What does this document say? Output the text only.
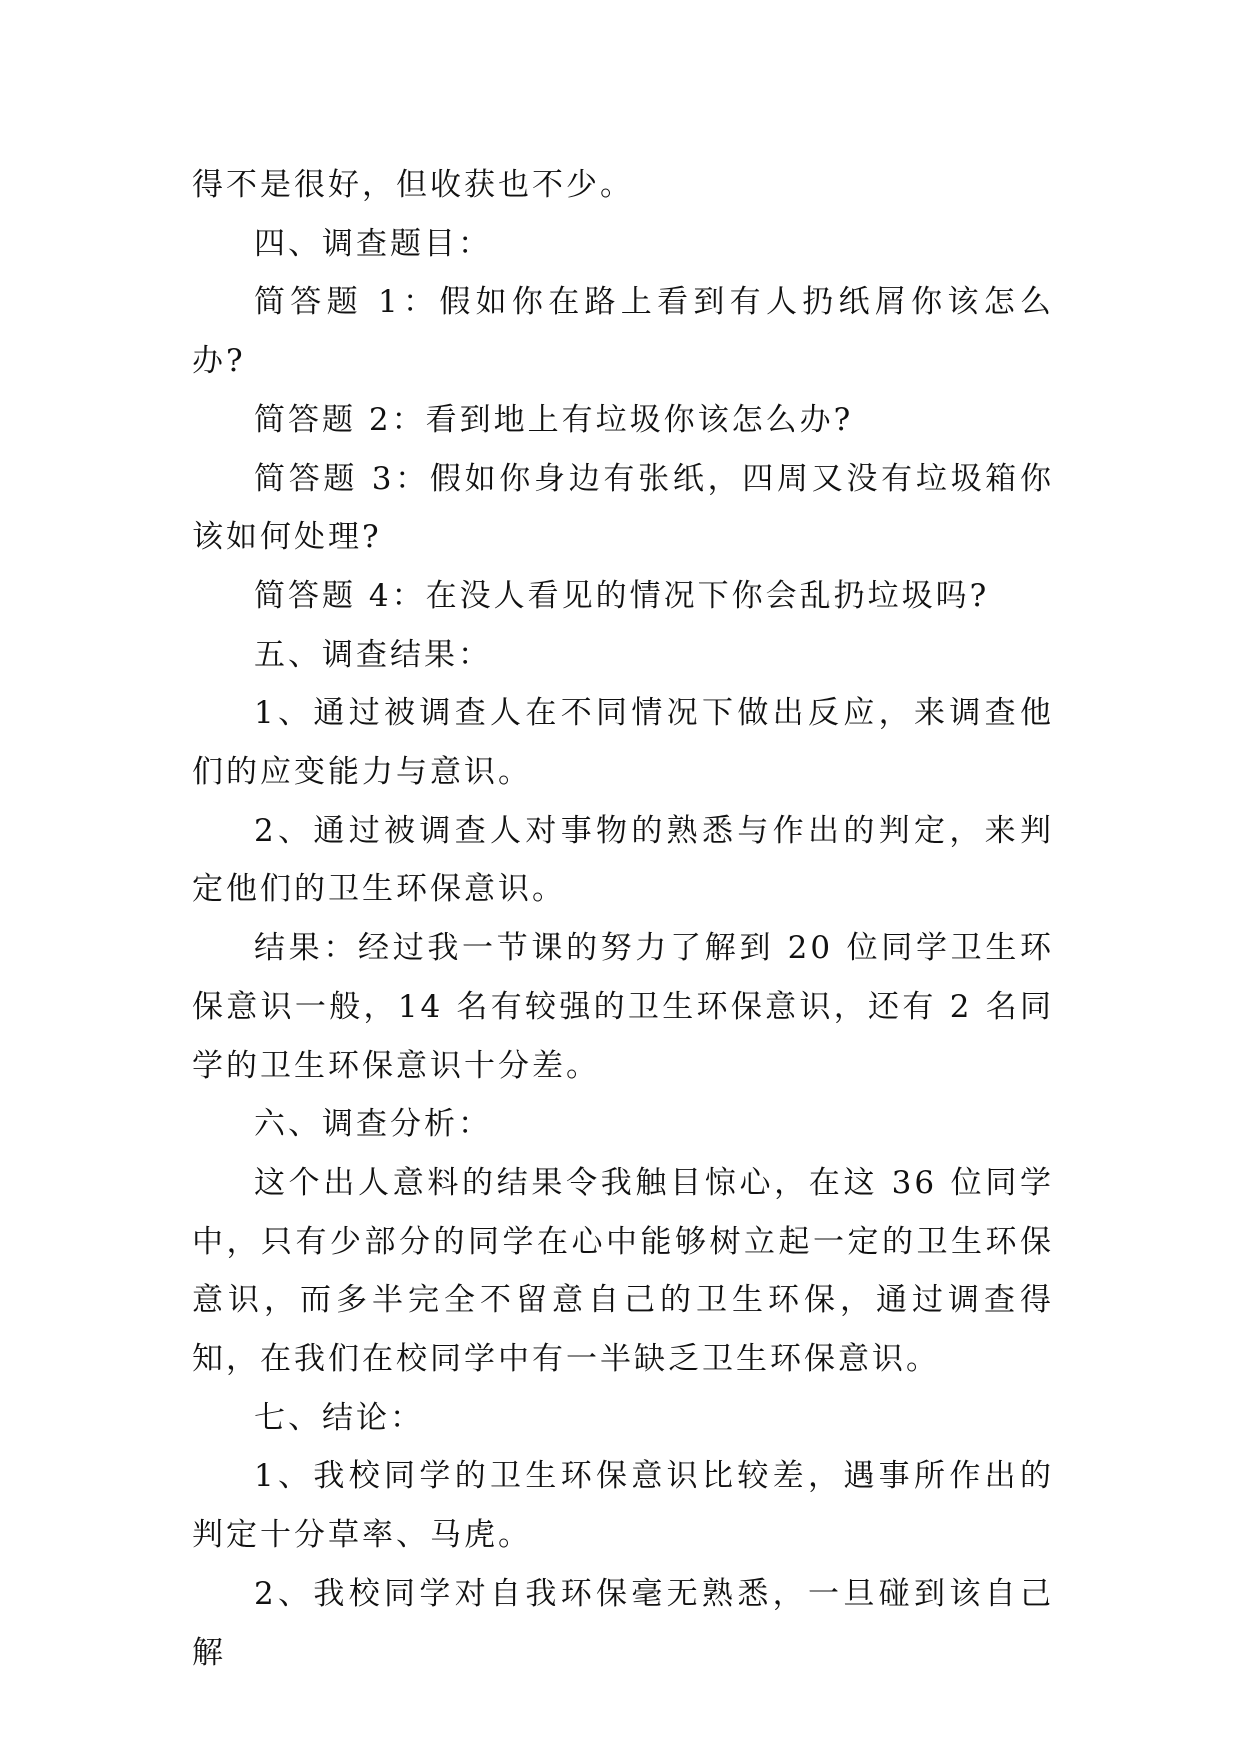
得不是很好，但收获也不少。

四、调查题目：

简答题 1：假如你在路上看到有人扔纸屑你该怎么办?

简答题 2：看到地上有垃圾你该怎么办?

简答题 3：假如你身边有张纸，四周又没有垃圾箱你该如何处理?

简答题 4：在没人看见的情况下你会乱扔垃圾吗?

五、调查结果：

1、通过被调查人在不同情况下做出反应，来调查他们的应变能力与意识。

2、通过被调查人对事物的熟悉与作出的判定，来判定他们的卫生环保意识。

结果：经过我一节课的努力了解到 20 位同学卫生环保意识一般，14 名有较强的卫生环保意识，还有 2 名同学的卫生环保意识十分差。

六、调查分析：

这个出人意料的结果令我触目惊心，在这 36 位同学中，只有少部分的同学在心中能够树立起一定的卫生环保意识，而多半完全不留意自己的卫生环保，通过调查得知，在我们在校同学中有一半缺乏卫生环保意识。

七、结论：

1、我校同学的卫生环保意识比较差，遇事所作出的判定十分草率、马虎。

2、我校同学对自我环保毫无熟悉，一旦碰到该自己解
